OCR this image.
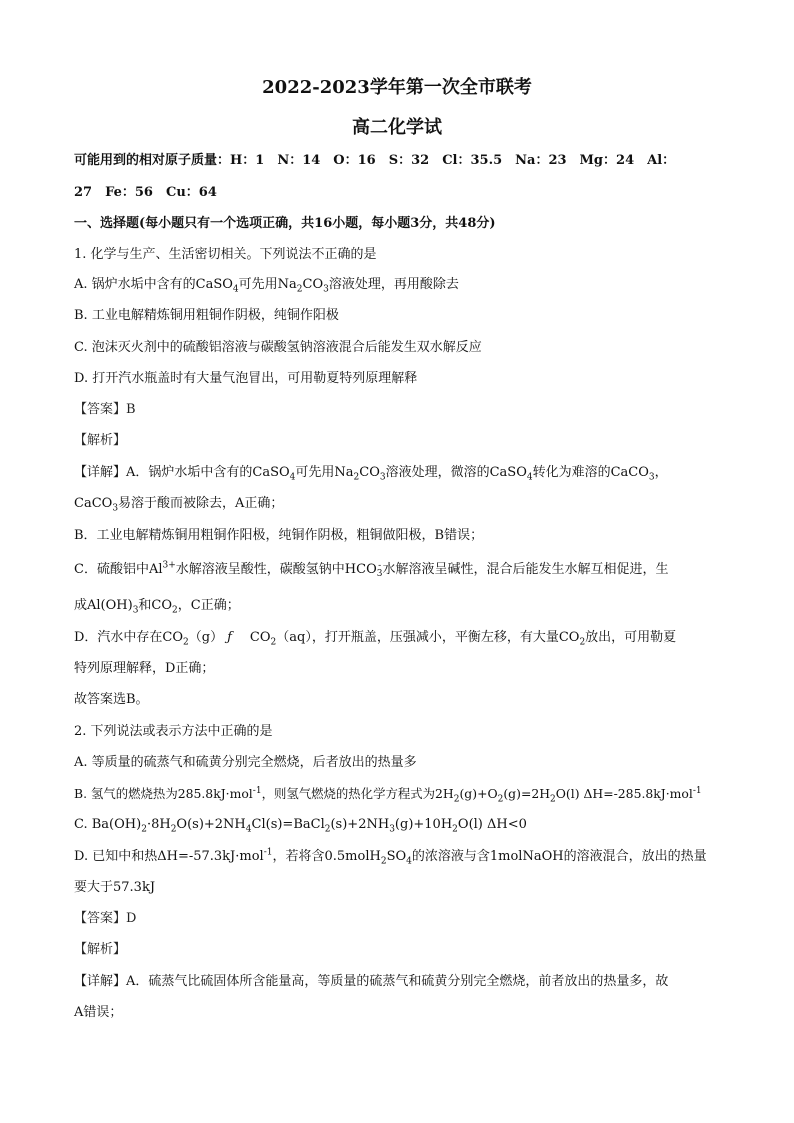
2022-2023学年第一次全市联考
高二化学试
可能用到的相对原子质量：H：1　N：14　O：16　S：32　Cl：35.5　Na：23　Mg：24　Al：
27　Fe：56　Cu：64
一、选择题(每小题只有一个选项正确，共16小题，每小题3分，共48分)
1. 化学与生产、生活密切相关。下列说法不正确的是
A. 锅炉水垢中含有的CaSO$_4$可先用$Na_2CO_3$溶液处理，再用酸除去
B. 工业电解精炼铜用粗铜作阴极，纯铜作阳极
C. 泡沫灭火剂中的硫酸铝溶液与碳酸氢钠溶液混合后能发生双水解反应
D. 打开汽水瓶盖时有大量气泡冒出，可用勒夏特列原理解释
【答案】B
【解析】
【详解】A．锅炉水垢中含有的CaSO$_4$可先用$Na_2CO_3$溶液处理，微溶的CaSO$_4$转化为难溶的CaCO$_3$，
CaCO$_3$易溶于酸而被除去，A正确；
B．工业电解精炼铜用粗铜作阳极，纯铜作阴极，粗铜做阳极，B错误；
C．硫酸铝中$Al^{3+}$水解溶液呈酸性，碳酸氢钠中HCO -
3 水解溶液呈碱性，混合后能发生水解互相促进，生
成$Al(OH)_3$和$CO_2$，C正确；
D．汽水中存在$CO_2(g)$ ƒ $CO_2(aq)$，打开瓶盖，压强减小，平衡左移，有大量$CO_2$放出，可用勒夏
特列原理解释，D正确；
故答案选B。
2. 下列说法或表示方法中正确的是
A. 等质量的硫蒸气和硫黄分别完全燃烧，后者放出的热量多
B. 氢气的燃烧热为285.8kJ·mol$^{-1}$，则氢气燃烧的热化学方程式为$2H_2(g)+O_2(g)=2H_2O(l)$ ΔH=-285.8kJ·mol$^{-1}$
C. $Ba(OH)_2\cdot 8H_2O(s)+2NH_4Cl(s)=BaCl_2(s)+2NH_3(g)+10H_2O(l)$ ΔH<0
D. 已知中和热ΔH=-57.3kJ·mol$^{-1}$，若将含$0.5molH_2SO_4$的浓溶液与含1molNaOH的溶液混合，放出的热量
要大于57.3kJ
【答案】D
【解析】
【详解】A．硫蒸气比硫固体所含能量高，等质量的硫蒸气和硫黄分别完全燃烧，前者放出的热量多，故
A错误；
